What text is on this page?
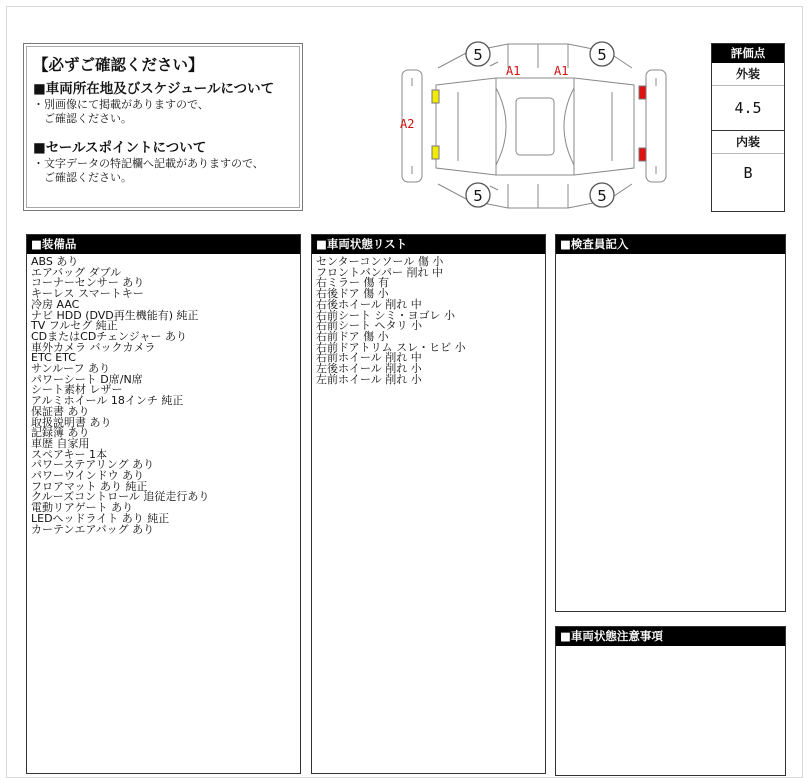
【必ずご確認ください】

■車両所在地及びスケジュールについて

・別画像にて掲載がありますので、
　ご確認ください。

■セールスポイントについて

・文字データの特記欄へ記載がありますので、
　ご確認ください。

5	5
5	5
A1	A1
A2
評価点
外装
4.5
内装
B
■装備品
ABS あり
エアバッグ ダブル
コーナーセンサー あり
キーレス スマートキー
冷房 AAC
ナビ HDD (DVD再生機能有) 純正
TV フルセグ 純正
CDまたはCDチェンジャー あり
車外カメラ バックカメラ
ETC ETC
サンルーフ あり
パワーシート D席/N席
シート素材 レザー
アルミホイール 18インチ 純正
保証書 あり
取扱説明書 あり
記録簿 あり
車歴 自家用
スペアキー 1本
パワーステアリング あり
パワーウインドウ あり
フロアマット あり 純正
クルーズコントロール 追従走行あり
電動リアゲート あり
LEDヘッドライト あり 純正
カーテンエアバッグ あり
■車両状態リスト
センターコンソール 傷 小
フロントバンパー 削れ 中
右ミラー 傷 有
右後ドア 傷 小
右後ホイール 削れ 中
右前シート シミ・ヨゴレ 小
右前シート ヘタリ 小
右前ドア 傷 小
右前ドアトリム スレ・ヒビ 小
右前ホイール 削れ 中
左後ホイール 削れ 小
左前ホイール 削れ 小
■検査員記入
■車両状態注意事項
